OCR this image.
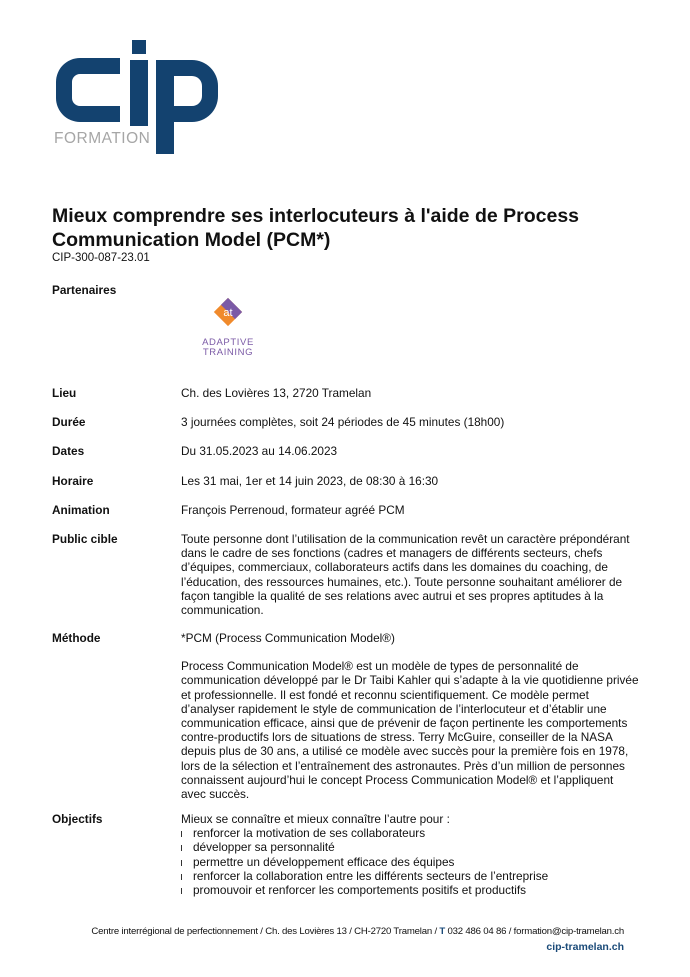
FORMATION
Mieux comprendre ses interlocuteurs à l'aide de Process
Communication Model (PCM*)
CIP-300-087-23.01
Partenaires
at
ADAPTIVE
TRAINING
Lieu	Ch. des Lovières 13, 2720 Tramelan
Durée	3 journées complètes, soit 24 périodes de 45 minutes (18h00)
Dates	Du 31.05.2023 au 14.06.2023
Horaire	Les 31 mai, 1er et 14 juin 2023, de 08:30 à 16:30
Animation	François Perrenoud, formateur agréé PCM
Public cible	Toute personne dont l’utilisation de la communication revêt un caractère prépondérant dans le cadre de ses fonctions (cadres et managers de différents secteurs, chefs d’équipes, commerciaux, collaborateurs actifs dans les domaines du coaching, de l’éducation, des ressources humaines, etc.). Toute personne souhaitant améliorer de façon tangible la qualité de ses relations avec autrui et ses propres aptitudes à la communication.
Méthode	*PCM (Process Communication Model®)

Process Communication Model® est un modèle de types de personnalité de communication développé par le Dr Taibi Kahler qui s’adapte à la vie quotidienne privée et professionnelle. Il est fondé et reconnu scientifiquement. Ce modèle permet d’analyser rapidement le style de communication de l’interlocuteur et d’établir une communication efficace, ainsi que de prévenir de façon pertinente les comportements contre-productifs lors de situations de stress. Terry McGuire, conseiller de la NASA depuis plus de 30 ans, a utilisé ce modèle avec succès pour la première fois en 1978, lors de la sélection et l’entraînement des astronautes. Près d’un million de personnes connaissent aujourd’hui le concept Process Communication Model® et l’appliquent avec succès.

Objectifs	Mieux se connaître et mieux connaître l’autre pour :
renforcer la motivation de ses collaborateurs
développer sa personnalité
permettre un développement efficace des équipes
renforcer la collaboration entre les différents secteurs de l’entreprise
promouvoir et renforcer les comportements positifs et productifs
Centre interrégional de perfectionnement / Ch. des Lovières 13 / CH-2720 Tramelan / T 032 486 04 86 / formation@cip-tramelan.ch
cip-tramelan.ch
